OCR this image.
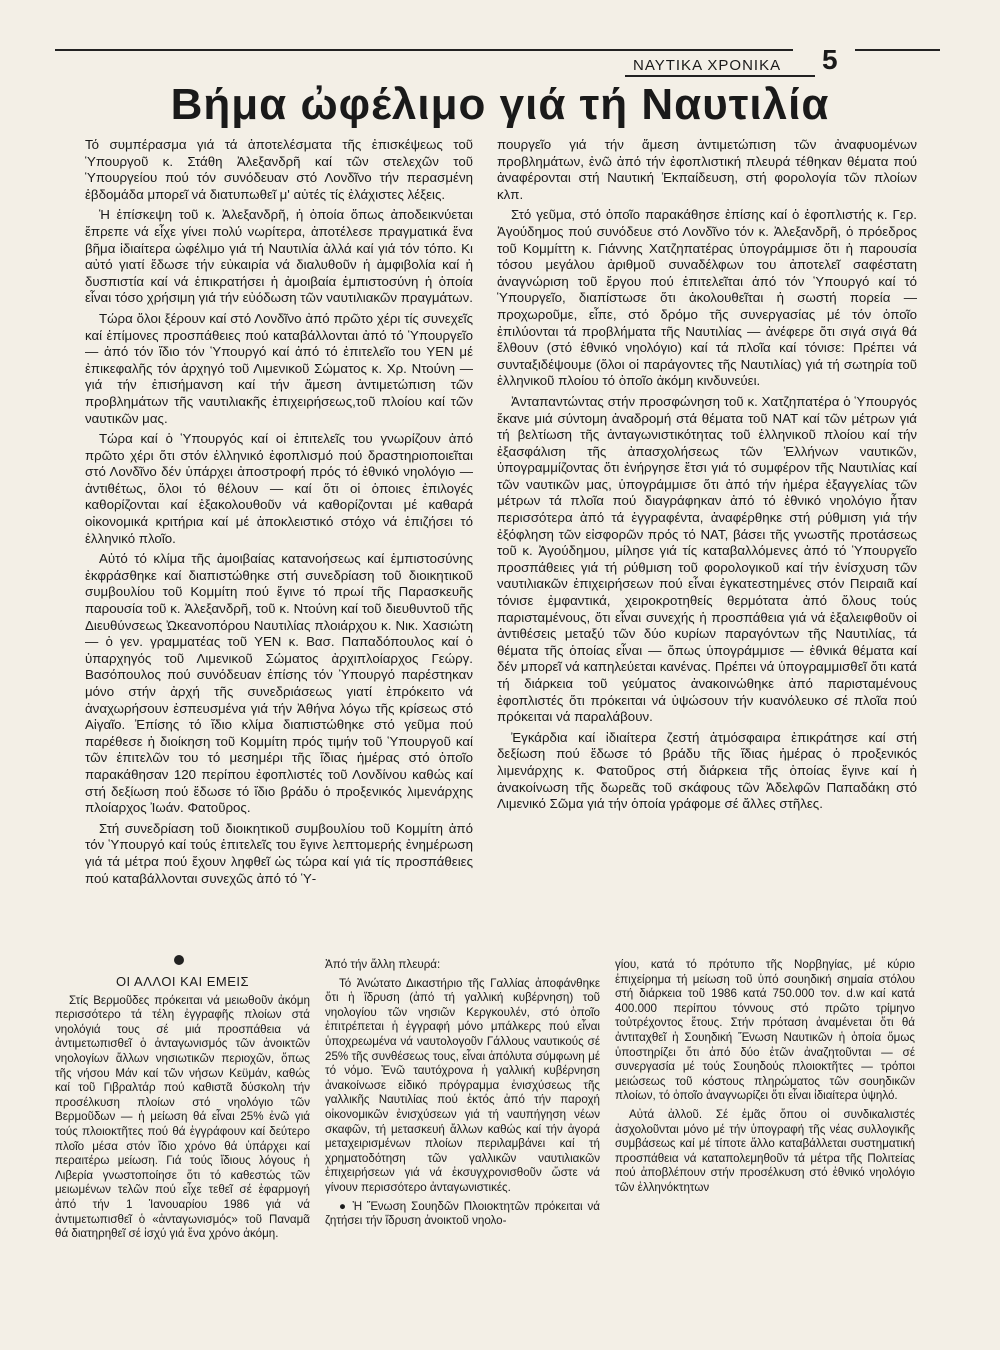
ΝΑΥΤΙΚΑ ΧΡΟΝΙΚΑ 5
Βήμα ὠφέλιμο γιά τή Ναυτιλία

Τό συμπέρασμα γιά τά ἀποτελέσματα τῆς ἐπισκέψεως τοῦ Ὑπουργοῦ κ. Στάθη Ἀλεξανδρῆ καί τῶν στελεχῶν τοῦ Ὑπουργείου πού τόν συνόδευαν στό Λονδῖνο τήν περασμένη ἑβδομάδα μπορεῖ νά διατυπωθεῖ μ' αὐτές τίς ἐλάχιστες λέξεις.

Ἡ ἐπίσκεψη τοῦ κ. Ἀλεξανδρῆ, ἡ ὁποία ὅπως ἀποδεικνύεται ἔπρεπε νά εἶχε γίνει πολύ νωρίτερα, ἀποτέλεσε πραγματικά ἕνα βῆμα ἰδιαίτερα ὠφέλιμο γιά τή Ναυτιλία ἀλλά καί γιά τόν τόπο. Κι αὐτό γιατί ἔδωσε τήν εὐκαιρία νά διαλυθοῦν ἡ ἀμφιβολία καί ἡ δυσπιστία καί νά ἐπικρατήσει ἡ ἀμοιβαία ἐμπιστοσύνη ἡ ὁποία εἶναι τόσο χρήσιμη γιά τήν εὐόδωση τῶν ναυτιλιακῶν πραγμάτων.

Τώρα ὅλοι ξέρουν καί στό Λονδῖνο ἀπό πρῶτο χέρι τίς συνεχεῖς καί ἐπίμονες προσπάθειες πού καταβάλλονται ἀπό τό Ὑπουργεῖο — ἀπό τόν ἴδιο τόν Ὑπουργό καί ἀπό τό ἐπιτελεῖο του ΥΕΝ μέ ἐπικεφαλῆς τόν ἀρχηγό τοῦ Λιμενικοῦ Σώματος κ. Χρ. Ντούνη — γιά τήν ἐπισήμανση καί τήν ἄμεση ἀντιμετώπιση τῶν προβλημάτων τῆς ναυτιλιακῆς ἐπιχειρήσεως,τοῦ πλοίου καί τῶν ναυτικῶν μας.

Τώρα καί ὁ Ὑπουργός καί οἱ ἐπιτελεῖς του γνωρίζουν ἀπό πρῶτο χέρι ὅτι στόν ἑλληνικό ἐφοπλισμό πού δραστηριοποιεῖται στό Λονδῖνο δέν ὑπάρχει ἀποστροφή πρός τό ἐθνικό νηολόγιο — ἀντιθέτως, ὅλοι τό θέλουν — καί ὅτι οἱ ὁποιες ἐπιλογές καθορίζονται καί ἐξακολουθοῦν νά καθορίζονται μέ καθαρά οἰκονομικά κριτήρια καί μέ ἀποκλειστικό στόχο νά ἐπιζήσει τό ἑλληνικό πλοῖο.

Αὐτό τό κλίμα τῆς ἀμοιβαίας κατανοήσεως καί ἐμπιστοσύνης ἐκφράσθηκε καί διαπιστώθηκε στή συνεδρίαση τοῦ διοικητικοῦ συμβουλίου τοῦ Κομμίτη πού ἔγινε τό πρωί τῆς Παρασκευῆς παρουσία τοῦ κ. Ἀλεξανδρῆ, τοῦ κ. Ντούνη καί τοῦ διευθυντοῦ τῆς Διευθύνσεως Ὠκεανοπόρου Ναυτιλίας πλοιάρχου κ. Νικ. Χασιώτη — ὁ γεν. γραμματέας τοῦ ΥΕΝ κ. Βασ. Παπαδόπουλος καί ὁ ὑπαρχηγός τοῦ Λιμενικοῦ Σώματος ἀρχιπλοίαρχος Γεώργ. Βασόπουλος πού συνόδευαν ἐπίσης τόν Ὑπουργό παρέστηκαν μόνο στήν ἀρχή τῆς συνεδριάσεως γιατί ἐπρόκειτο νά ἀναχωρήσουν ἐσπευσμένα γιά τήν Ἀθήνα λόγω τῆς κρίσεως στό Αἰγαῖο. Ἐπίσης τό ἴδιο κλίμα διαπιστώθηκε στό γεῦμα πού παρέθεσε ἡ διοίκηση τοῦ Κομμίτη πρός τιμήν τοῦ Ὑπουργοῦ καί τῶν ἐπιτελῶν του τό μεσημέρι τῆς ἴδιας ἡμέρας στό ὁποῖο παρακάθησαν 120 περίπου ἐφοπλιστές τοῦ Λονδίνου καθώς καί στή δεξίωση πού ἔδωσε τό ἴδιο βράδυ ὁ προξενικός λιμενάρχης πλοίαρχος Ἰωάν. Φατοῦρος.

Στή συνεδρίαση τοῦ διοικητικοῦ συμβουλίου τοῦ Κομμίτη ἀπό τόν Ὑπουργό καί τούς ἐπιτελεῖς του ἔγινε λεπτομερής ἐνημέρωση γιά τά μέτρα πού ἔχουν ληφθεῖ ὡς τώρα καί γιά τίς προσπάθειες πού καταβάλλονται συνεχῶς ἀπό τό Ὑ-

πουργεῖο γιά τήν ἄμεση ἀντιμετώπιση τῶν ἀναφυομένων προβλημάτων, ἐνῶ ἀπό τήν ἐφοπλιστική πλευρά τέθηκαν θέματα πού ἀναφέρονται στή Ναυτική Ἐκπαίδευση, στή φορολογία τῶν πλοίων κλπ.

Στό γεῦμα, στό ὁποῖο παρακάθησε ἐπίσης καί ὁ ἐφοπλιστής κ. Γερ. Ἀγούδημος πού συνόδευε στό Λονδῖνο τόν κ. Ἀλεξανδρῆ, ὁ πρόεδρος τοῦ Κομμίττη κ. Γιάννης Χατζηπατέρας ὑπογράμμισε ὅτι ἡ παρουσία τόσου μεγάλου ἀριθμοῦ συναδέλφων του ἀποτελεῖ σαφέστατη ἀναγνώριση τοῦ ἔργου πού ἐπιτελεῖται ἀπό τόν Ὑπουργό καί τό Ὑπουργεῖο, διαπίστωσε ὅτι ἀκολουθεῖται ἡ σωστή πορεία — προχωροῦμε, εἶπε, στό δρόμο τῆς συνεργασίας μέ τόν ὁποῖο ἐπιλύονται τά προβλήματα τῆς Ναυτιλίας — ἀνέφερε ὅτι σιγά σιγά θά ἔλθουν (στό ἐθνικό νηολόγιο) καί τά πλοῖα καί τόνισε: Πρέπει νά συνταξιδέψουμε (ὅλοι οἱ παράγοντες τῆς Ναυτιλίας) γιά τή σωτηρία τοῦ ἑλληνικοῦ πλοίου τό ὁποῖο ἀκόμη κινδυνεύει.

Ἀνταπαντώντας στήν προσφώνηση τοῦ κ. Χατζηπατέρα ὁ Ὑπουργός ἔκανε μιά σύντομη ἀναδρομή στά θέματα τοῦ ΝΑΤ καί τῶν μέτρων γιά τή βελτίωση τῆς ἀνταγωνιστικότητας τοῦ ἑλληνικοῦ πλοίου καί τήν ἐξασφάλιση τῆς ἀπασχολήσεως τῶν Ἑλλήνων ναυτικῶν, ὑπογραμμίζοντας ὅτι ἐνήργησε ἔτσι γιά τό συμφέρον τῆς Ναυτιλίας καί τῶν ναυτικῶν μας, ὑπογράμμισε ὅτι ἀπό τήν ἡμέρα ἐξαγγελίας τῶν μέτρων τά πλοῖα πού διαγράφηκαν ἀπό τό ἐθνικό νηολόγιο ἦταν περισσότερα ἀπό τά ἐγγραφέντα, ἀναφέρθηκε στή ρύθμιση γιά τήν ἐξόφληση τῶν εἰσφορῶν πρός τό ΝΑΤ, βάσει τῆς γνωστῆς προτάσεως τοῦ κ. Ἀγούδημου, μίλησε γιά τίς καταβαλλόμενες ἀπό τό Ὑπουργεῖο προσπάθειες γιά τή ρύθμιση τοῦ φορολογικοῦ καί τήν ἐνίσχυση τῶν ναυτιλιακῶν ἐπιχειρήσεων πού εἶναι ἐγκατεστημένες στόν Πειραιᾶ καί τόνισε ἐμφαντικά, χειροκροτηθείς θερμότατα ἀπό ὅλους τούς παρισταμένους, ὅτι εἶναι συνεχής ἡ προσπάθεια γιά νά ἐξαλειφθοῦν οἱ ἀντιθέσεις μεταξύ τῶν δύο κυρίων παραγόντων τῆς Ναυτιλίας, τά θέματα τῆς ὁποίας εἶναι — ὅπως ὑπογράμμισε — ἐθνικά θέματα καί δέν μπορεῖ νά καπηλεύεται κανένας. Πρέπει νά ὑπογραμμισθεῖ ὅτι κατά τή διάρκεια τοῦ γεύματος ἀνακοινώθηκε ἀπό παρισταμένους ἐφοπλιστές ὅτι πρόκειται νά ὑψώσουν τήν κυανόλευκο σέ πλοῖα πού πρόκειται νά παραλάβουν.

Ἐγκάρδια καί ἰδιαίτερα ζεστή ἀτμόσφαιρα ἐπικράτησε καί στή δεξίωση πού ἔδωσε τό βράδυ τῆς ἴδιας ἡμέρας ὁ προξενικός λιμενάρχης κ. Φατοῦρος στή διάρκεια τῆς ὁποίας ἔγινε καί ἡ ἀνακοίνωση τῆς δωρεᾶς τοῦ σκάφους τῶν Ἀδελφῶν Παπαδάκη στό Λιμενικό Σῶμα γιά τήν ὁποία γράφομε σέ ἄλλες στῆλες.

ΟΙ ΑΛΛΟΙ ΚΑΙ ΕΜΕΙΣ

Στίς Βερμοῦδες πρόκειται νά μειωθοῦν ἀκόμη περισσότερο τά τέλη ἐγγραφῆς πλοίων στά νηολόγιά τους σέ μιά προσπάθεια νά ἀντιμετωπισθεῖ ὁ ἀνταγωνισμός τῶν ἀνοικτῶν νηολογίων ἄλλων νησιωτικῶν περιοχῶν, ὅπως τῆς νήσου Μάν καί τῶν νήσων Κεϋμάν, καθώς καί τοῦ Γιβραλτάρ πού καθιστᾶ δύσκολη τήν προσέλκυση πλοίων στό νηολόγιο τῶν Βερμοῦδων — ἡ μείωση θά εἶναι 25% ἐνῶ γιά τούς πλοιοκτῆτες πού θά ἐγγράφουν καί δεύτερο πλοῖο μέσα στόν ἴδιο χρόνο θά ὑπάρχει καί περαιτέρω μείωση. Γιά τούς ἴδιους λόγους ἡ Λιβερία γνωστοποίησε ὅτι τό καθεστώς τῶν μειωμένων τελῶν πού εἶχε τεθεῖ σέ ἐφαρμογή ἀπό τήν 1 Ἰανουαρίου 1986 γιά νά ἀντιμετωπισθεῖ ὁ «ἀνταγωνισμός» τοῦ Παναμᾶ θά διατηρηθεῖ σέ ἰσχύ γιά ἕνα χρόνο ἀκόμη.

Ἀπό τήν ἄλλη πλευρά:

Τό Ἀνώτατο Δικαστήριο τῆς Γαλλίας ἀποφάνθηκε ὅτι ἡ ἵδρυση (ἀπό τή γαλλική κυβέρνηση) τοῦ νηολογίου τῶν νησιῶν Κεργκουλέν, στό ὁποῖο ἐπιτρέπεται ἡ ἐγγραφή μόνο μπάλκερς πού εἶναι ὑποχρεωμένα νά ναυτολογοῦν Γάλλους ναυτικούς σέ 25% τῆς συνθέσεως τους, εἶναι ἀπόλυτα σύμφωνη μέ τό νόμο. Ἐνῶ ταυτόχρονα ἡ γαλλική κυβέρνηση ἀνακοίνωσε εἰδικό πρόγραμμα ἐνισχύσεως τῆς γαλλικῆς Ναυτιλίας πού ἐκτός ἀπό τήν παροχή οἰκονομικῶν ἐνισχύσεων γιά τή ναυπήγηση νέων σκαφῶν, τή μετασκευή ἄλλων καθώς καί τήν ἀγορά μεταχειρισμένων πλοίων περιλαμβάνει καί τή χρηματοδότηση τῶν γαλλικῶν ναυτιλιακῶν ἐπιχειρήσεων γιά νά ἐκσυγχρονισθοῦν ὥστε νά γίνουν περισσότερο ἀνταγωνιστικές.

● Ἡ Ἕνωση Σουηδῶν Πλοιοκτητῶν πρόκειται νά ζητήσει τήν ἵδρυση ἀνοικτοῦ νηολο-

γίου, κατά τό πρότυπο τῆς Νορβηγίας, μέ κύριο ἐπιχείρημα τή μείωση τοῦ ὑπό σουηδική σημαία στόλου στή διάρκεια τοῦ 1986 κατά 750.000 τον. d.w καί κατά 400.000 περίπου τόννους στό πρῶτο τρίμηνο τοὐτρέχοντος ἔτους. Στήν πρόταση ἀναμένεται ὅτι θά ἀντιταχθεῖ ἡ Σουηδική Ἕνωση Ναυτικῶν ἡ ὁποία ὅμως ὑποστηρίζει ὅτι ἀπό δύο ἐτῶν ἀναζητοῦνται — σέ συνεργασία μέ τούς Σουηδούς πλοιοκτῆτες — τρόποι μειώσεως τοῦ κόστους πληρώματος τῶν σουηδικῶν πλοίων, τό ὁποῖο ἀναγνωρίζει ὅτι εἶναι ἰδιαίτερα ὑψηλό.

Αὐτά ἀλλοῦ. Σέ ἐμᾶς ὅπου οἱ συνδικαλιστές ἀσχολοῦνται μόνο μέ τήν ὑπογραφή τῆς νέας συλλογικῆς συμβάσεως καί μέ τίποτε ἄλλο καταβάλλεται συστηματική προσπάθεια νά καταπολεμηθοῦν τά μέτρα τῆς Πολιτείας πού ἀποβλέπουν στήν προσέλκυση στό ἐθνικό νηολόγιο τῶν ἑλληνόκτητων
